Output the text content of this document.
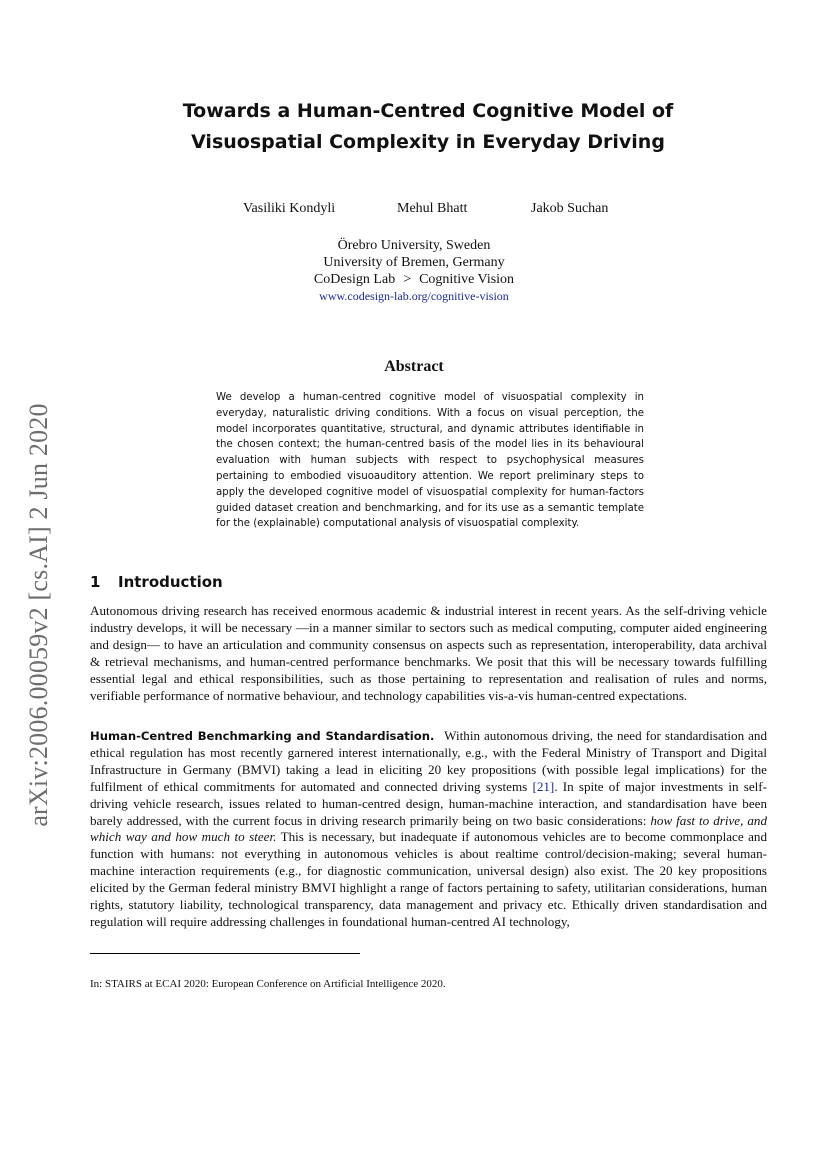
arXiv:2006.00059v2 [cs.AI] 2 Jun 2020
Towards a Human-Centred Cognitive Model of
Visuospatial Complexity in Everyday Driving
Vasiliki Kondyli	Mehul Bhatt	Jakob Suchan
Örebro University, Sweden
University of Bremen, Germany
CoDesign Lab > Cognitive Vision
www.codesign-lab.org/cognitive-vision
Abstract
We develop a human-centred cognitive model of visuospatial complexity in everyday, naturalistic driving conditions. With a focus on visual perception, the model incorporates quantitative, structural, and dynamic attributes identifiable in the chosen context; the human-centred basis of the model lies in its behavioural evaluation with human subjects with respect to psychophysical measures pertaining to embodied visuoauditory attention. We report preliminary steps to apply the developed cognitive model of visuospatial complexity for human-factors guided dataset creation and benchmarking, and for its use as a semantic template for the (explainable) computational analysis of visuospatial complexity.
1 Introduction
Autonomous driving research has received enormous academic & industrial interest in recent years. As the self-driving vehicle industry develops, it will be necessary —in a manner similar to sectors such as medical computing, computer aided engineering and design— to have an articulation and community consensus on aspects such as representation, interoperability, data archival & retrieval mechanisms, and human-centred performance benchmarks. We posit that this will be necessary towards fulfilling essential legal and ethical responsibilities, such as those pertaining to representation and realisation of rules and norms, verifiable performance of normative behaviour, and technology capabilities vis-a-vis human-centred expectations.
Human-Centred Benchmarking and Standardisation. Within autonomous driving, the need for standardisation and ethical regulation has most recently garnered interest internationally, e.g., with the Federal Ministry of Transport and Digital Infrastructure in Germany (BMVI) taking a lead in eliciting 20 key propositions (with possible legal implications) for the fulfilment of ethical commitments for automated and connected driving systems [21]. In spite of major investments in self-driving vehicle research, issues related to human-centred design, human-machine interaction, and standardisation have been barely addressed, with the current focus in driving research primarily being on two basic considerations: how fast to drive, and which way and how much to steer. This is necessary, but inadequate if autonomous vehicles are to become commonplace and function with humans: not everything in autonomous vehicles is about realtime control/decision-making; several human-machine interaction requirements (e.g., for diagnostic communication, universal design) also exist. The 20 key propositions elicited by the German federal ministry BMVI highlight a range of factors pertaining to safety, utilitarian considerations, human rights, statutory liability, technological transparency, data management and privacy etc. Ethically driven standardisation and regulation will require addressing challenges in foundational human-centred AI technology,
In: STAIRS at ECAI 2020: European Conference on Artificial Intelligence 2020.
